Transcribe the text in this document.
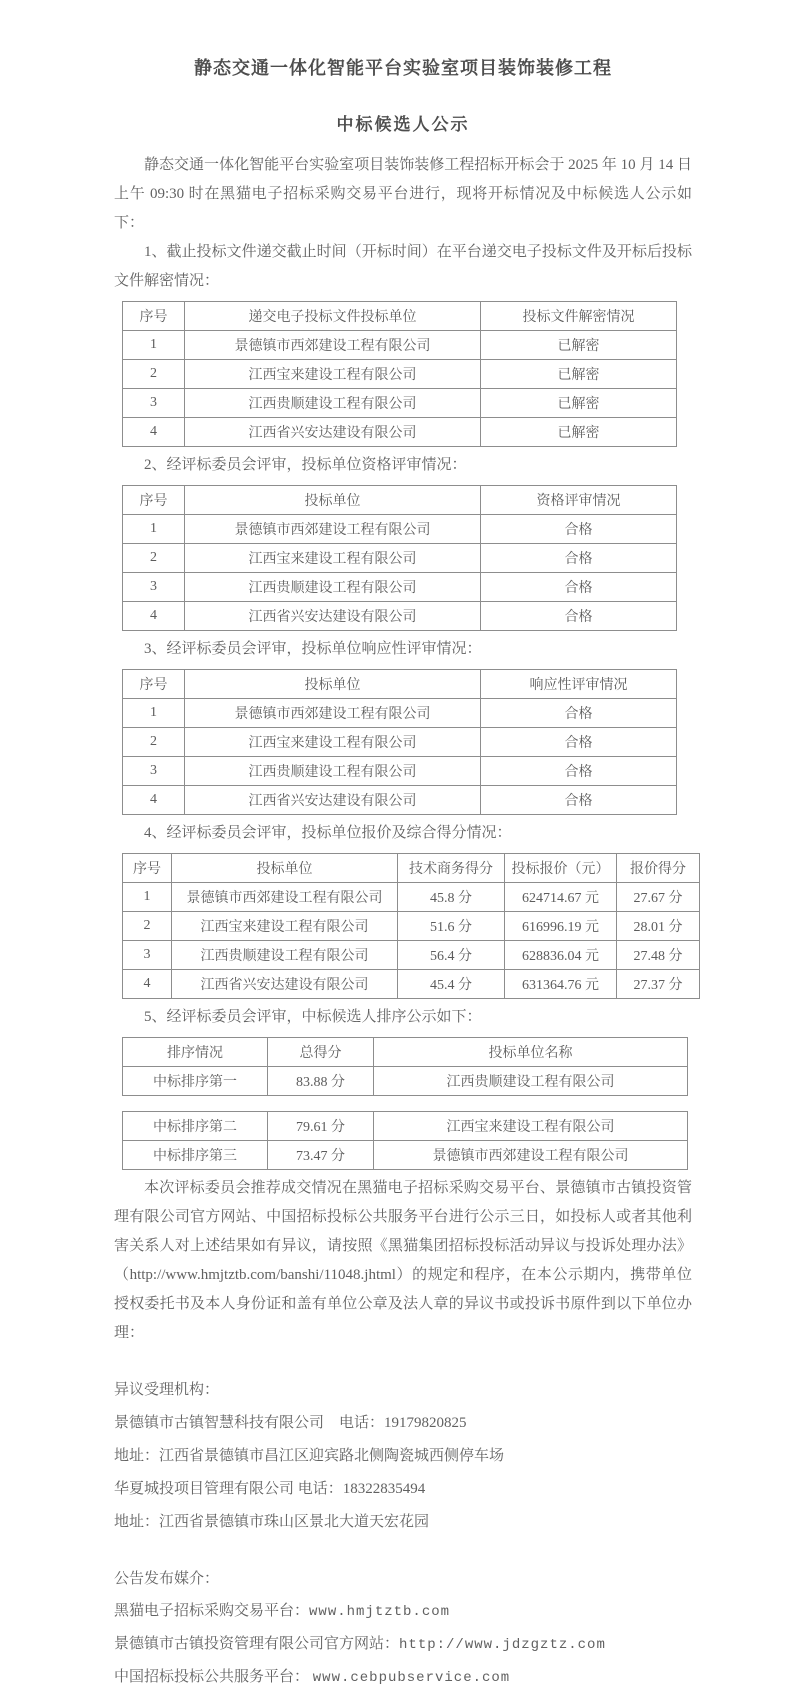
静态交通一体化智能平台实验室项目装饰装修工程
中标候选人公示

静态交通一体化智能平台实验室项目装饰装修工程招标开标会于 2025 年 10 月 14 日上午 09:30 时在黑猫电子招标采购交易平台进行，现将开标情况及中标候选人公示如下：

1、截止投标文件递交截止时间（开标时间）在平台递交电子投标文件及开标后投标文件解密情况：

序号	递交电子投标文件投标单位	投标文件解密情况
1	景德镇市西郊建设工程有限公司	已解密
2	江西宝来建设工程有限公司	已解密
3	江西贵顺建设工程有限公司	已解密
4	江西省兴安达建设有限公司	已解密

2、经评标委员会评审，投标单位资格评审情况：

序号	投标单位	资格评审情况
1	景德镇市西郊建设工程有限公司	合格
2	江西宝来建设工程有限公司	合格
3	江西贵顺建设工程有限公司	合格
4	江西省兴安达建设有限公司	合格

3、经评标委员会评审，投标单位响应性评审情况：

序号	投标单位	响应性评审情况
1	景德镇市西郊建设工程有限公司	合格
2	江西宝来建设工程有限公司	合格
3	江西贵顺建设工程有限公司	合格
4	江西省兴安达建设有限公司	合格

4、经评标委员会评审，投标单位报价及综合得分情况：

序号	投标单位	技术商务得分	投标报价（元）	报价得分
1	景德镇市西郊建设工程有限公司	45.8 分	624714.67 元	27.67 分
2	江西宝来建设工程有限公司	51.6 分	616996.19 元	28.01 分
3	江西贵顺建设工程有限公司	56.4 分	628836.04 元	27.48 分
4	江西省兴安达建设有限公司	45.4 分	631364.76 元	27.37 分

5、经评标委员会评审，中标候选人排序公示如下：

排序情况	总得分	投标单位名称
中标排序第一	83.88 分	江西贵顺建设工程有限公司
中标排序第二	79.61 分	江西宝来建设工程有限公司
中标排序第三	73.47 分	景德镇市西郊建设工程有限公司

本次评标委员会推荐成交情况在黑猫电子招标采购交易平台、景德镇市古镇投资管理有限公司官方网站、中国招标投标公共服务平台进行公示三日，如投标人或者其他利害关系人对上述结果如有异议，请按照《黑猫集团招标投标活动异议与投诉处理办法》（http://www.hmjtztb.com/banshi/11048.jhtml）的规定和程序，在本公示期内，携带单位授权委托书及本人身份证和盖有单位公章及法人章的异议书或投诉书原件到以下单位办理：

异议受理机构：

景德镇市古镇智慧科技有限公司　电话：19179820825

地址：江西省景德镇市昌江区迎宾路北侧陶瓷城西侧停车场

华夏城投项目管理有限公司 电话：18322835494

地址：江西省景德镇市珠山区景北大道天宏花园

公告发布媒介：

黑猫电子招标采购交易平台：www.hmjtztb.com

景德镇市古镇投资管理有限公司官方网站：http://www.jdzgztz.com

中国招标投标公共服务平台： www.cebpubservice.com
